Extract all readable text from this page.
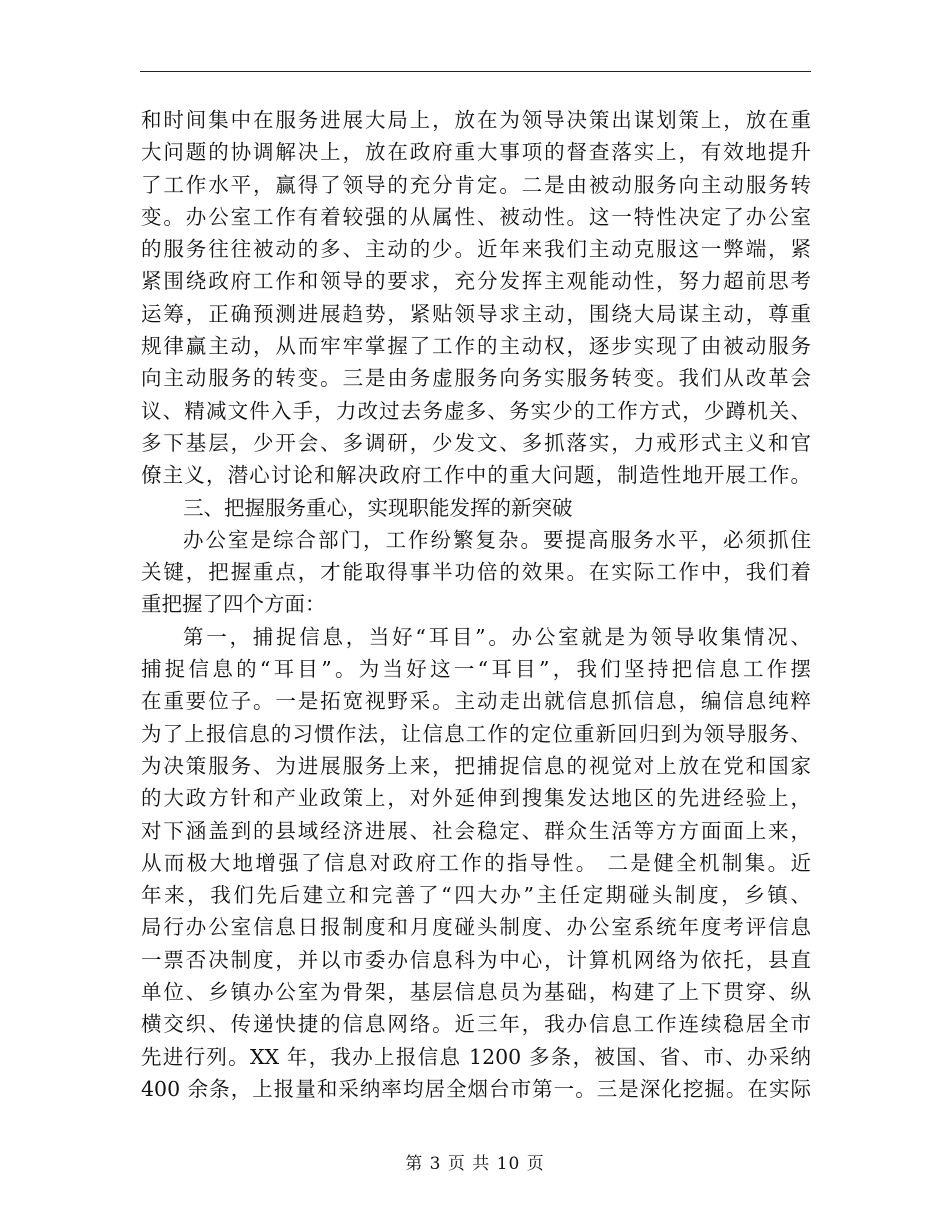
和时间集中在服务进展大局上，放在为领导决策出谋划策上，放在重
大问题的协调解决上，放在政府重大事项的督查落实上，有效地提升
了工作水平，赢得了领导的充分肯定。二是由被动服务向主动服务转
变。办公室工作有着较强的从属性、被动性。这一特性决定了办公室
的服务往往被动的多、主动的少。近年来我们主动克服这一弊端，紧
紧围绕政府工作和领导的要求，充分发挥主观能动性，努力超前思考
运筹，正确预测进展趋势，紧贴领导求主动，围绕大局谋主动，尊重
规律赢主动，从而牢牢掌握了工作的主动权，逐步实现了由被动服务
向主动服务的转变。三是由务虚服务向务实服务转变。我们从改革会
议、精减文件入手，力改过去务虚多、务实少的工作方式，少蹲机关、
多下基层，少开会、多调研，少发文、多抓落实，力戒形式主义和官
僚主义，潜心讨论和解决政府工作中的重大问题，制造性地开展工作。
三、把握服务重心，实现职能发挥的新突破
办公室是综合部门，工作纷繁复杂。要提高服务水平，必须抓住
关键，把握重点，才能取得事半功倍的效果。在实际工作中，我们着
重把握了四个方面：
第一，捕捉信息，当好“耳目”。办公室就是为领导收集情况、
捕捉信息的“耳目”。为当好这一“耳目”，我们坚持把信息工作摆
在重要位子。一是拓宽视野采。主动走出就信息抓信息，编信息纯粹
为了上报信息的习惯作法，让信息工作的定位重新回归到为领导服务、
为决策服务、为进展服务上来，把捕捉信息的视觉对上放在党和国家
的大政方针和产业政策上，对外延伸到搜集发达地区的先进经验上，
对下涵盖到的县域经济进展、社会稳定、群众生活等方方面面上来，
从而极大地增强了信息对政府工作的指导性。 二是健全机制集。近
年来，我们先后建立和完善了“四大办”主任定期碰头制度，乡镇、
局行办公室信息日报制度和月度碰头制度、办公室系统年度考评信息
一票否决制度，并以市委办信息科为中心，计算机网络为依托，县直
单位、乡镇办公室为骨架，基层信息员为基础，构建了上下贯穿、纵
横交织、传递快捷的信息网络。近三年，我办信息工作连续稳居全市
先进行列。XX 年，我办上报信息 1200 多条，被国、省、市、办采纳
400 余条，上报量和采纳率均居全烟台市第一。三是深化挖掘。在实际
第 3 页 共 10 页
